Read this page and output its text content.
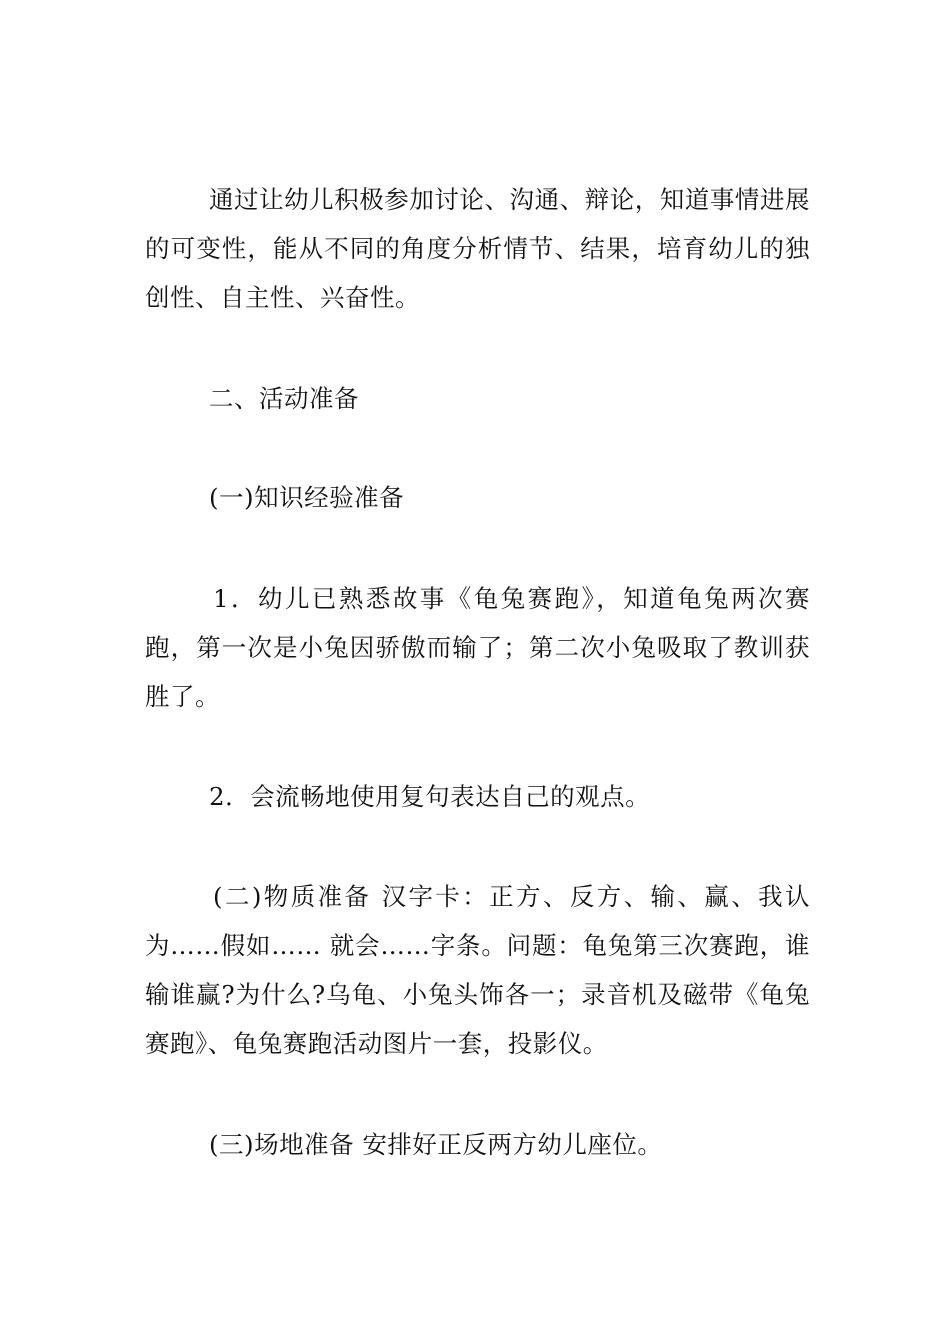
通过让幼儿积极参加讨论、沟通、辩论，知道事情进展的可变性，能从不同的角度分析情节、结果，培育幼儿的独创性、自主性、兴奋性。

二、活动准备

(一)知识经验准备

1．幼儿已熟悉故事《龟兔赛跑》，知道龟兔两次赛跑，第一次是小兔因骄傲而输了；第二次小兔吸取了教训获胜了。

2．会流畅地使用复句表达自己的观点。

(二)物质准备 汉字卡：正方、反方、输、赢、我认为……假如…… 就会……字条。问题：龟兔第三次赛跑，谁输谁赢?为什么?乌龟、小兔头饰各一；录音机及磁带《龟兔赛跑》、龟兔赛跑活动图片一套，投影仪。

(三)场地准备 安排好正反两方幼儿座位。
